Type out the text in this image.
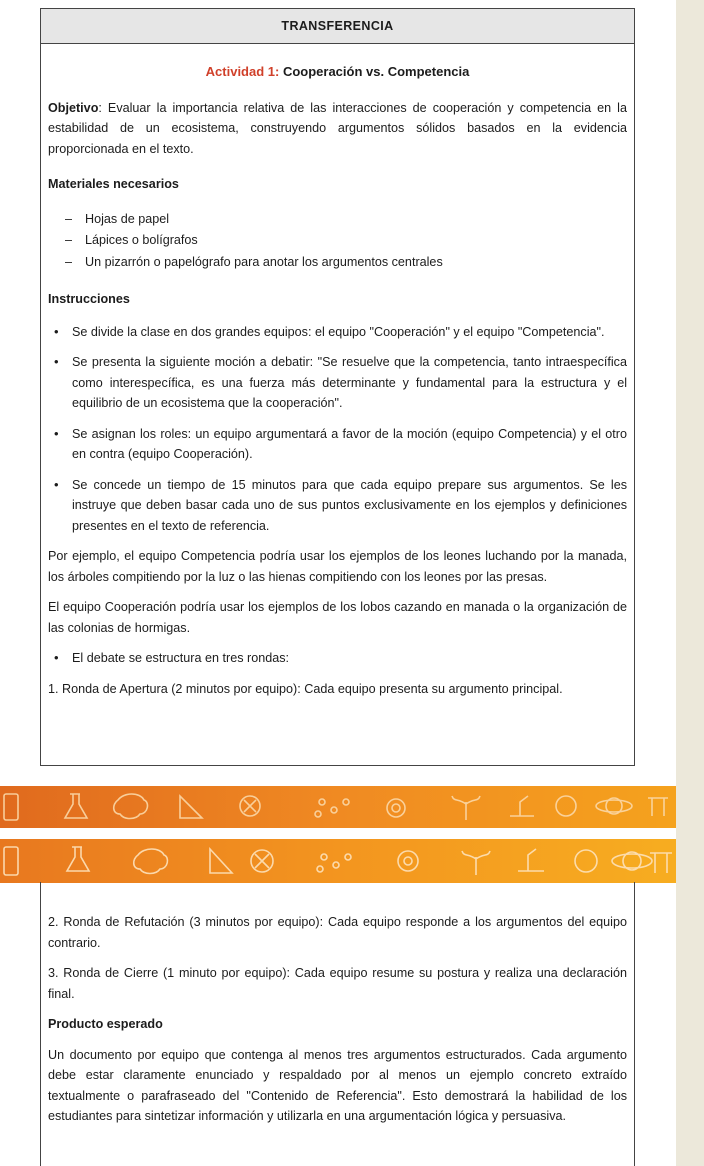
TRANSFERENCIA
Actividad 1: Cooperación vs. Competencia

Objetivo: Evaluar la importancia relativa de las interacciones de cooperación y competencia en la estabilidad de un ecosistema, construyendo argumentos sólidos basados en la evidencia proporcionada en el texto.

Materiales necesarios

– Hojas de papel
– Lápices o bolígrafos
– Un pizarrón o papelógrafo para anotar los argumentos centrales

Instrucciones

• Se divide la clase en dos grandes equipos: el equipo "Cooperación" y el equipo "Competencia".
• Se presenta la siguiente moción a debatir: "Se resuelve que la competencia, tanto intraespecífica como interespecífica, es una fuerza más determinante y fundamental para la estructura y el equilibrio de un ecosistema que la cooperación".
• Se asignan los roles: un equipo argumentará a favor de la moción (equipo Competencia) y el otro en contra (equipo Cooperación).
• Se concede un tiempo de 15 minutos para que cada equipo prepare sus argumentos. Se les instruye que deben basar cada uno de sus puntos exclusivamente en los ejemplos y definiciones presentes en el texto de referencia.

Por ejemplo, el equipo Competencia podría usar los ejemplos de los leones luchando por la manada, los árboles compitiendo por la luz o las hienas compitiendo con los leones por las presas.

El equipo Cooperación podría usar los ejemplos de los lobos cazando en manada o la organización de las colonias de hormigas.

• El debate se estructura en tres rondas:

1. Ronda de Apertura (2 minutos por equipo): Cada equipo presenta su argumento principal.

2. Ronda de Refutación (3 minutos por equipo): Cada equipo responde a los argumentos del equipo contrario.

3. Ronda de Cierre (1 minuto por equipo): Cada equipo resume su postura y realiza una declaración final.

Producto esperado

Un documento por equipo que contenga al menos tres argumentos estructurados. Cada argumento debe estar claramente enunciado y respaldado por al menos un ejemplo concreto extraído textualmente o parafraseado del "Contenido de Referencia". Esto demostrará la habilidad de los estudiantes para sintetizar información y utilizarla en una argumentación lógica y persuasiva.
